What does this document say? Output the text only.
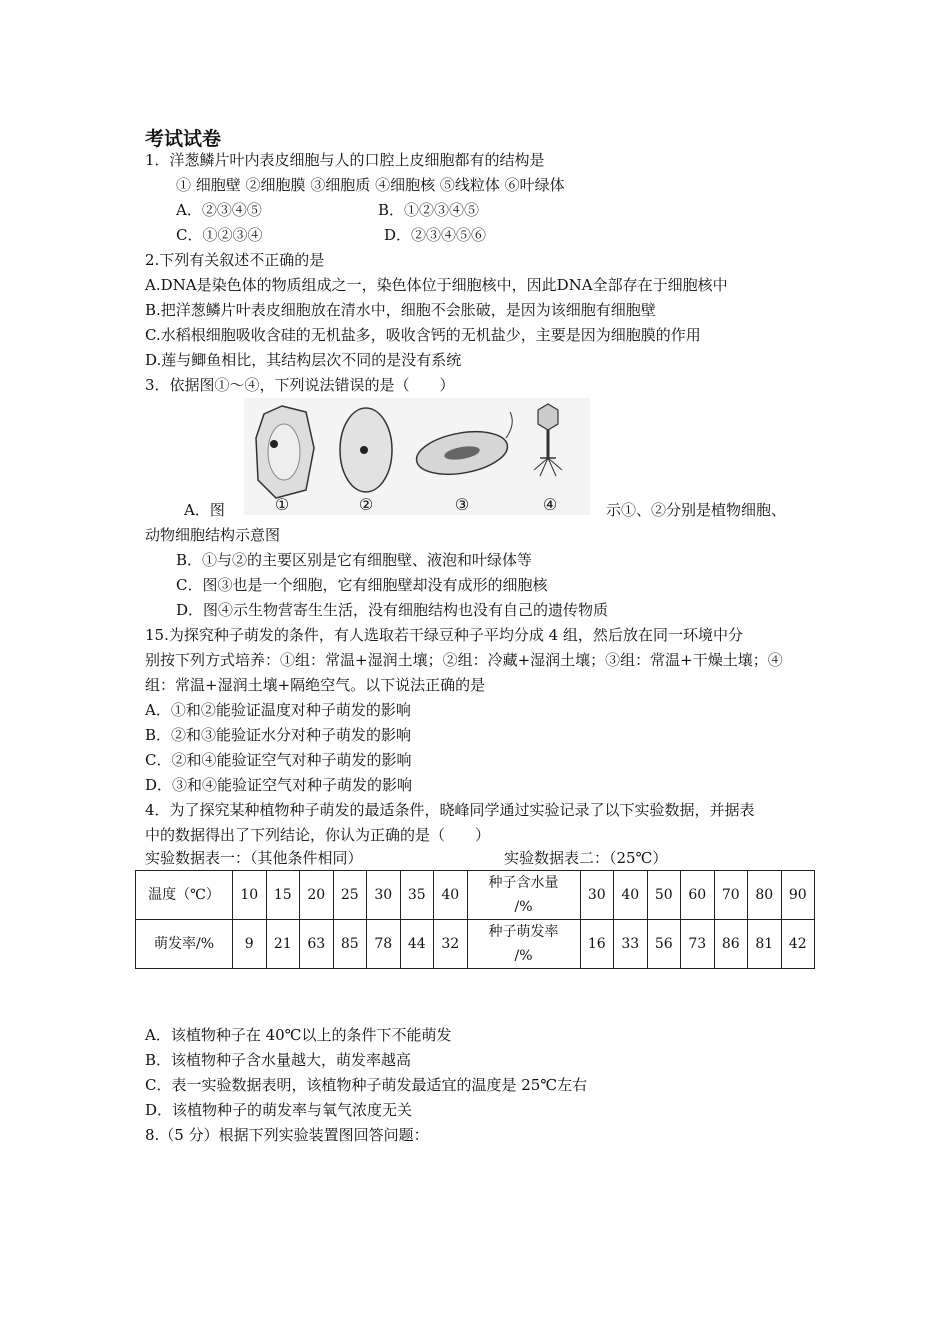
考试试卷
1．洋葱鳞片叶内表皮细胞与人的口腔上皮细胞都有的结构是
① 细胞壁 ②细胞膜 ③细胞质 ④细胞核 ⑤线粒体 ⑥叶绿体
A．②③④⑤	B．①②③④⑤
C．①②③④	D．②③④⑤⑥
2.下列有关叙述不正确的是
A.DNA是染色体的物质组成之一，染色体位于细胞核中，因此DNA全部存在于细胞核中
B.把洋葱鳞片叶表皮细胞放在清水中，细胞不会胀破，是因为该细胞有细胞壁
C.水稻根细胞吸收含硅的无机盐多，吸收含钙的无机盐少，主要是因为细胞膜的作用
D.莲与鲫鱼相比，其结构层次不同的是没有系统
3．依据图①～④，下列说法错误的是（　　）
①	②	③	④
A．图	示①、②分别是植物细胞、
动物细胞结构示意图
B．①与②的主要区别是它有细胞壁、液泡和叶绿体等
C．图③也是一个细胞，它有细胞壁却没有成形的细胞核
D．图④示生物营寄生生活，没有细胞结构也没有自己的遗传物质
15.为探究种子萌发的条件，有人选取若干绿豆种子平均分成 4 组，然后放在同一环境中分
别按下列方式培养：①组：常温+湿润土壤；②组：冷藏+湿润土壤；③组：常温+干燥土壤；④
组：常温+湿润土壤+隔绝空气。以下说法正确的是
A．①和②能验证温度对种子萌发的影响
B．②和③能验证水分对种子萌发的影响
C．②和④能验证空气对种子萌发的影响
D．③和④能验证空气对种子萌发的影响
4．为了探究某种植物种子萌发的最适条件，晓峰同学通过实验记录了以下实验数据，并据表
中的数据得出了下列结论，你认为正确的是（　　）
实验数据表一：（其他条件相同）	实验数据表二：（25℃）
温度（℃）	10	15	20	25	30	35	40	种子含水量
/%	30	40	50	60	70	80	90
萌发率/%	9	21	63	85	78	44	32	种子萌发率
/%	16	33	56	73	86	81	42
A．该植物种子在 40℃以上的条件下不能萌发
B．该植物种子含水量越大，萌发率越高
C．表一实验数据表明，该植物种子萌发最适宜的温度是 25℃左右
D．该植物种子的萌发率与氧气浓度无关
8.（5 分）根据下列实验装置图回答问题：
